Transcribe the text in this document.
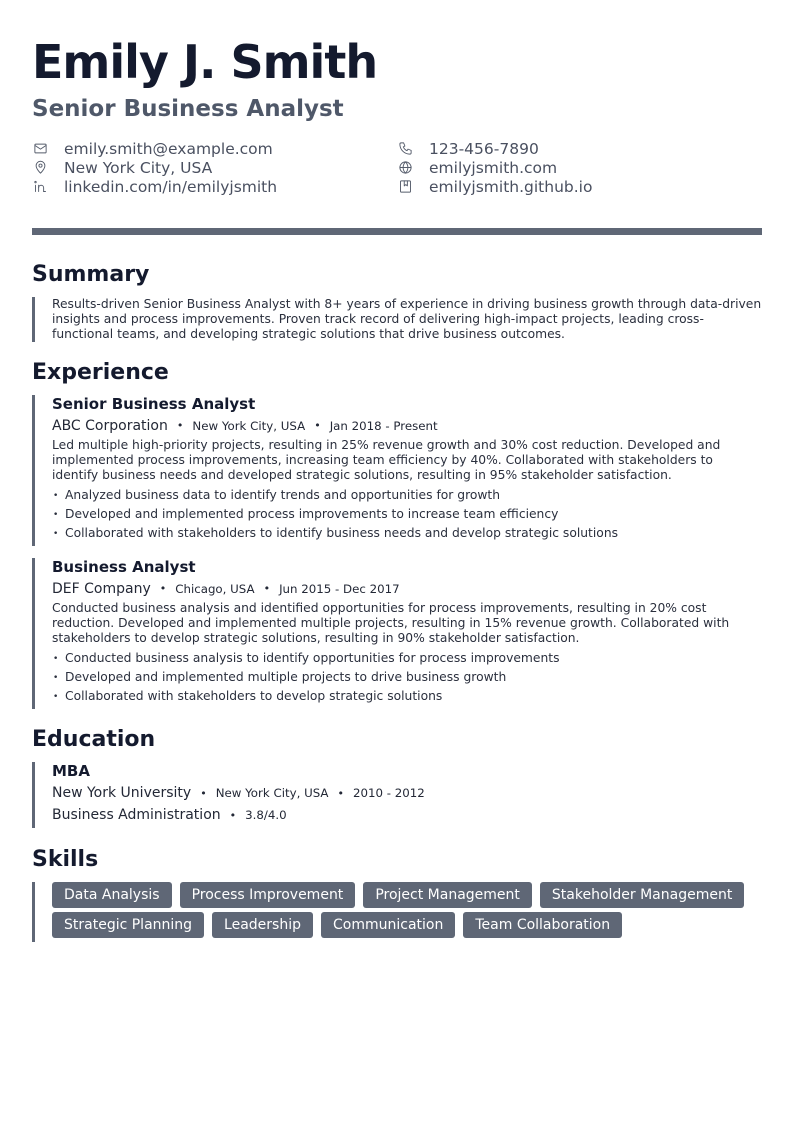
Emily J. Smith
Senior Business Analyst
emily.smith@example.com	123-456-7890
New York City, USA	emilyjsmith.com
linkedin.com/in/emilyjsmith	emilyjsmith.github.io
Summary

Results-driven Senior Business Analyst with 8+ years of experience in driving business growth through data-driven insights and process improvements. Proven track record of delivering high-impact projects, leading cross-functional teams, and developing strategic solutions that drive business outcomes.

Experience
Senior Business Analyst
ABC Corporation • New York City, USA • Jan 2018 - Present

Led multiple high-priority projects, resulting in 25% revenue growth and 30% cost reduction. Developed and implemented process improvements, increasing team efficiency by 40%. Collaborated with stakeholders to identify business needs and developed strategic solutions, resulting in 95% stakeholder satisfaction.

• Analyzed business data to identify trends and opportunities for growth
• Developed and implemented process improvements to increase team efficiency
• Collaborated with stakeholders to identify business needs and develop strategic solutions
Business Analyst
DEF Company • Chicago, USA • Jun 2015 - Dec 2017

Conducted business analysis and identified opportunities for process improvements, resulting in 20% cost reduction. Developed and implemented multiple projects, resulting in 15% revenue growth. Collaborated with stakeholders to develop strategic solutions, resulting in 90% stakeholder satisfaction.

• Conducted business analysis to identify opportunities for process improvements
• Developed and implemented multiple projects to drive business growth
• Collaborated with stakeholders to develop strategic solutions
Education
MBA
New York University • New York City, USA • 2010 - 2012
Business Administration • 3.8/4.0
Skills
Data Analysis	Process Improvement	Project Management	Stakeholder Management
Strategic Planning	Leadership	Communication	Team Collaboration
